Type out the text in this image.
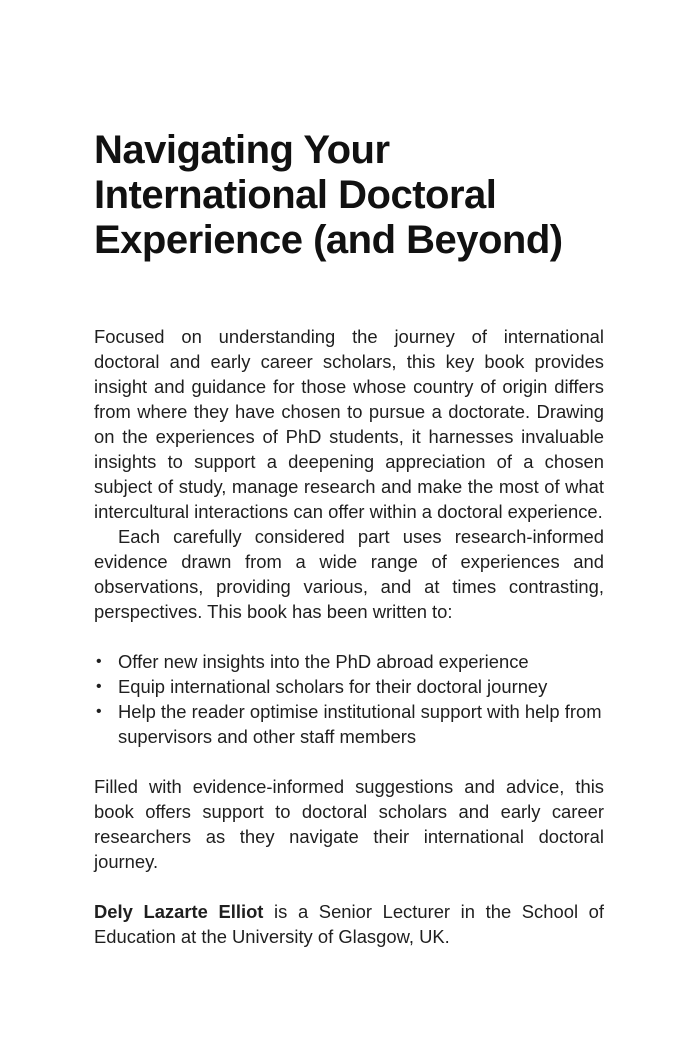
Navigating Your
International Doctoral
Experience (and Beyond)

Focused on understanding the journey of international doctoral and early career scholars, this key book provides insight and guidance for those whose country of origin differs from where they have chosen to pursue a doctorate. Drawing on the experiences of PhD students, it harnesses invaluable insights to support a deepening appreciation of a chosen subject of study, manage research and make the most of what intercultural interactions can offer within a doctoral experience.

Each carefully considered part uses research-informed evidence drawn from a wide range of experiences and observations, providing various, and at times contrasting, perspectives. This book has been written to:

• Offer new insights into the PhD abroad experience
• Equip international scholars for their doctoral journey
• Help the reader optimise institutional support with help from supervisors and other staff members

Filled with evidence-informed suggestions and advice, this book offers support to doctoral scholars and early career researchers as they navigate their international doctoral journey.

Dely Lazarte Elliot is a Senior Lecturer in the School of Education at the University of Glasgow, UK.
